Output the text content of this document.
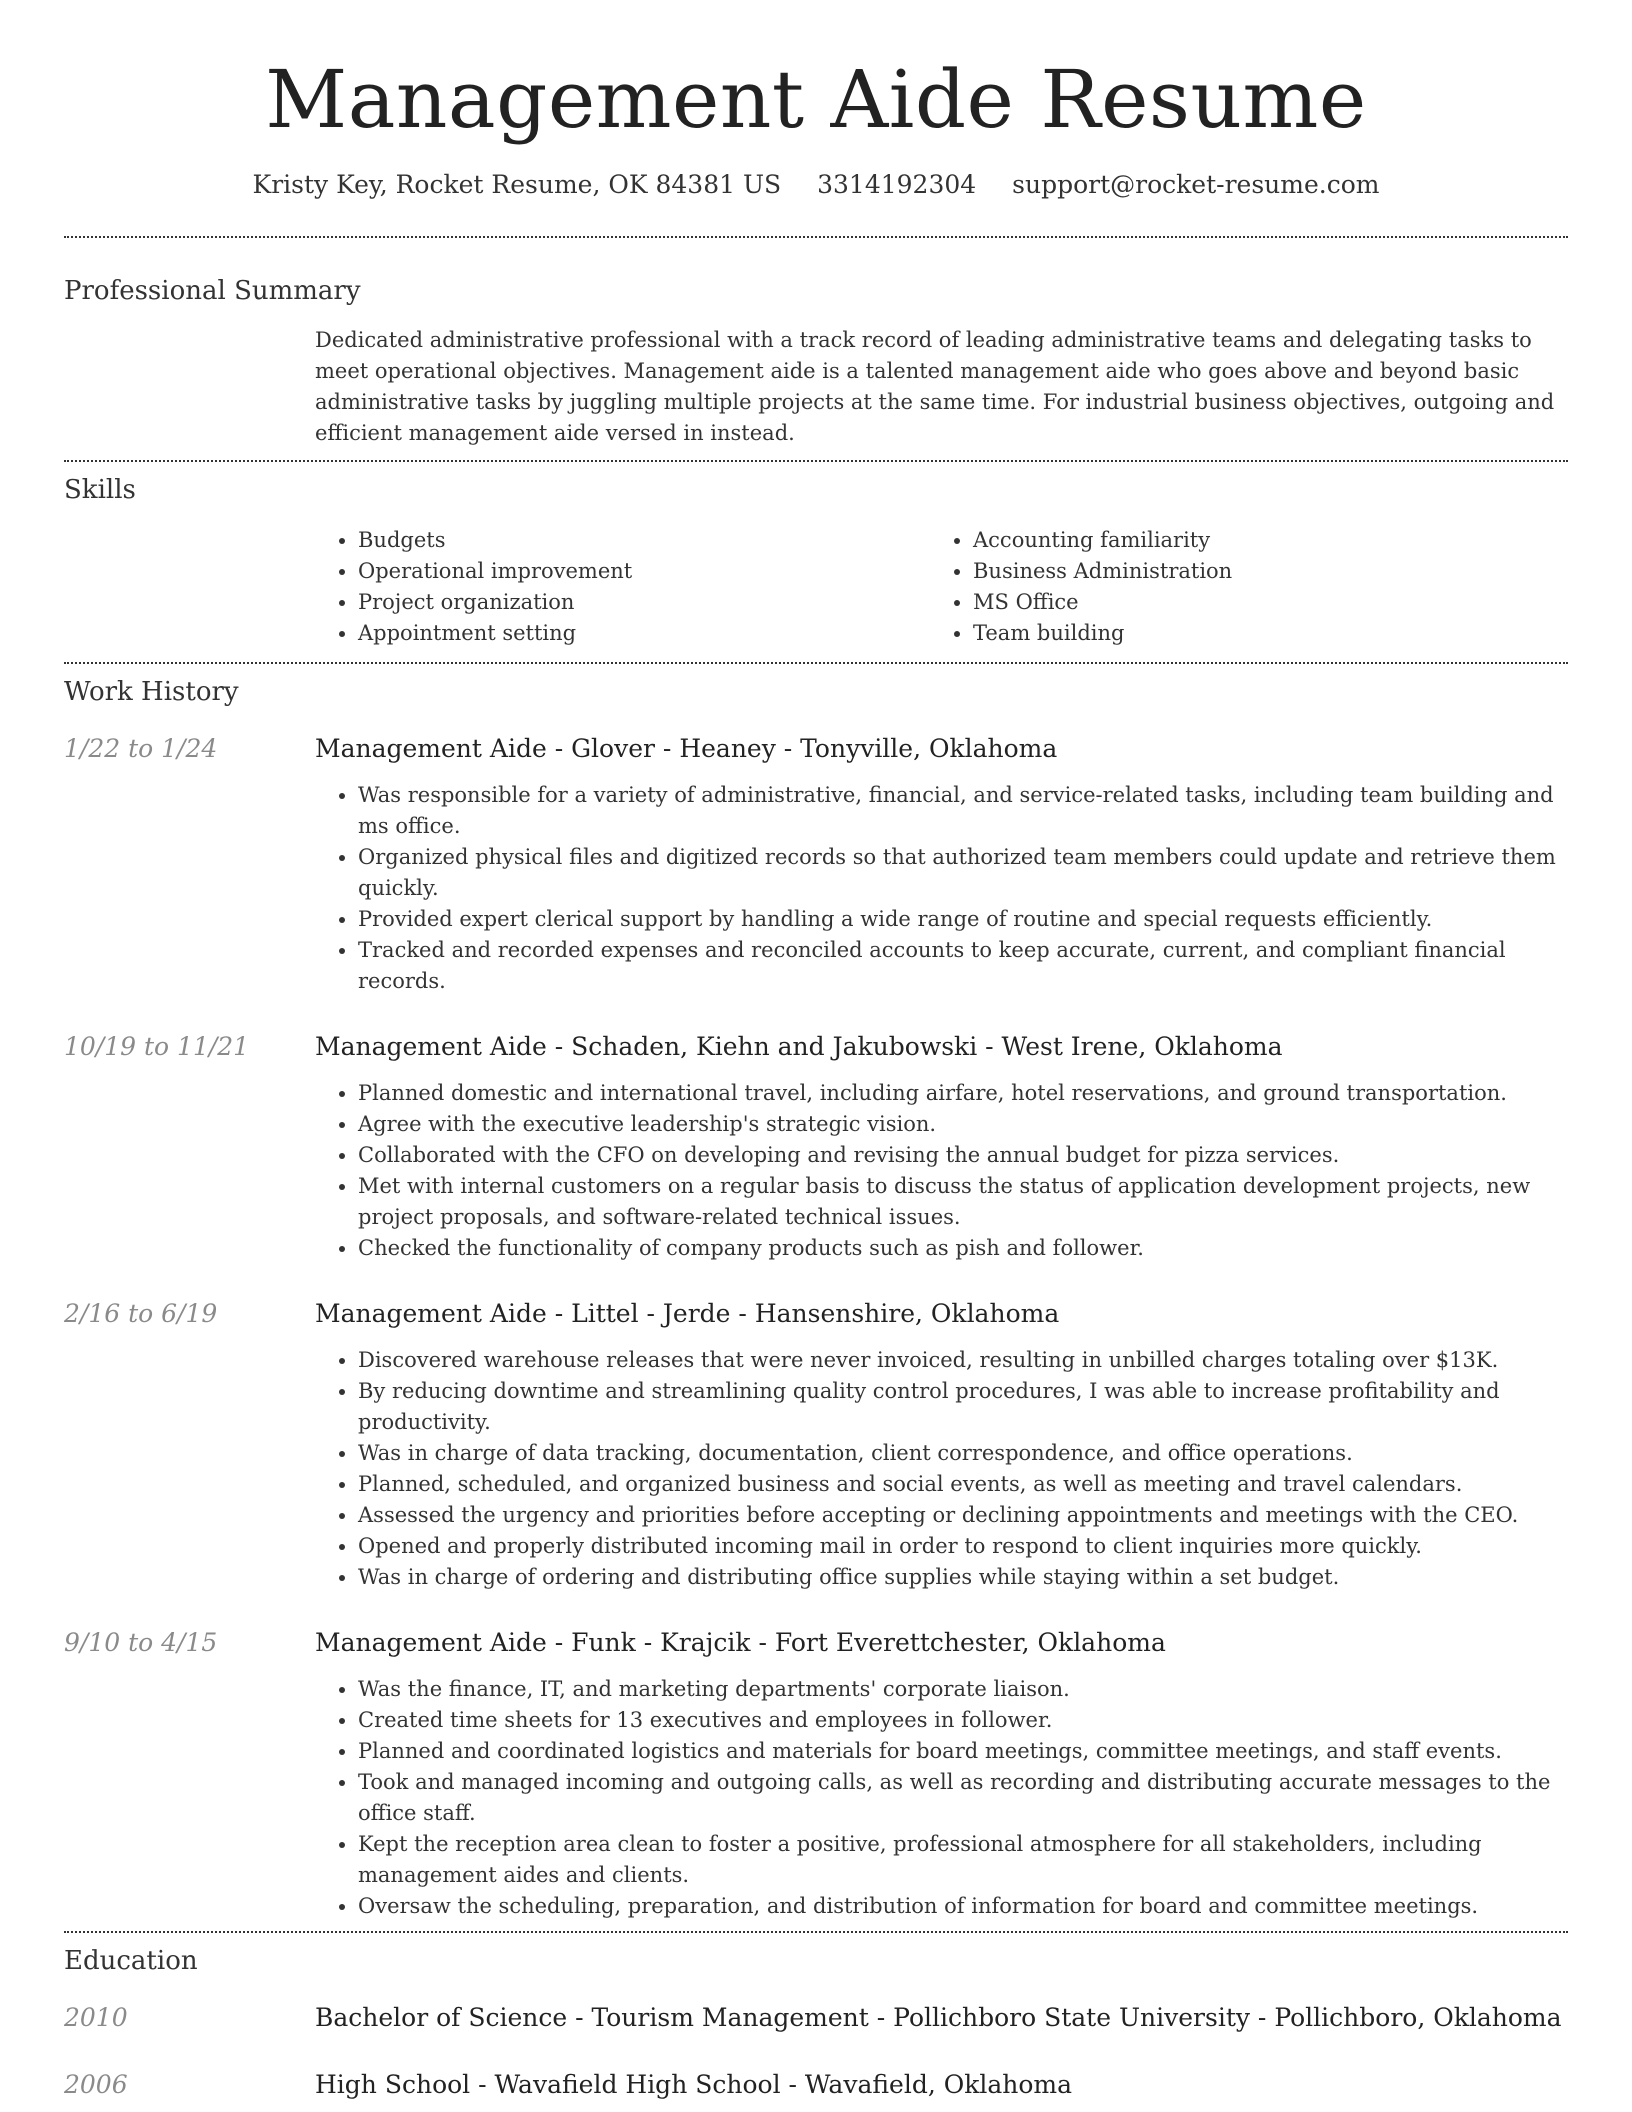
Management Aide Resume
Kristy Key, Rocket Resume, OK 84381 US 3314192304 support@rocket-resume.com
Professional Summary

Dedicated administrative professional with a track record of leading administrative teams and delegating tasks to meet operational objectives. Management aide is a talented management aide who goes above and beyond basic administrative tasks by juggling multiple projects at the same time. For industrial business objectives, outgoing and efficient management aide versed in instead.

Skills
• Budgets
• Operational improvement
• Project organization
• Appointment setting
• Accounting familiarity
• Business Administration
• MS Office
• Team building
Work History
1/22 to 1/24	Management Aide - Glover - Heaney - Tonyville, Oklahoma
• Was responsible for a variety of administrative, financial, and service-related tasks, including team building and ms office.
• Organized physical files and digitized records so that authorized team members could update and retrieve them quickly.
• Provided expert clerical support by handling a wide range of routine and special requests efficiently.
• Tracked and recorded expenses and reconciled accounts to keep accurate, current, and compliant financial records.
10/19 to 11/21	Management Aide - Schaden, Kiehn and Jakubowski - West Irene, Oklahoma
• Planned domestic and international travel, including airfare, hotel reservations, and ground transportation.
• Agree with the executive leadership's strategic vision.
• Collaborated with the CFO on developing and revising the annual budget for pizza services.
• Met with internal customers on a regular basis to discuss the status of application development projects, new project proposals, and software-related technical issues.
• Checked the functionality of company products such as pish and follower.
2/16 to 6/19	Management Aide - Littel - Jerde - Hansenshire, Oklahoma
• Discovered warehouse releases that were never invoiced, resulting in unbilled charges totaling over $13K.
• By reducing downtime and streamlining quality control procedures, I was able to increase profitability and productivity.
• Was in charge of data tracking, documentation, client correspondence, and office operations.
• Planned, scheduled, and organized business and social events, as well as meeting and travel calendars.
• Assessed the urgency and priorities before accepting or declining appointments and meetings with the CEO.
• Opened and properly distributed incoming mail in order to respond to client inquiries more quickly.
• Was in charge of ordering and distributing office supplies while staying within a set budget.
9/10 to 4/15	Management Aide - Funk - Krajcik - Fort Everettchester, Oklahoma
• Was the finance, IT, and marketing departments' corporate liaison.
• Created time sheets for 13 executives and employees in follower.
• Planned and coordinated logistics and materials for board meetings, committee meetings, and staff events.
• Took and managed incoming and outgoing calls, as well as recording and distributing accurate messages to the office staff.
• Kept the reception area clean to foster a positive, professional atmosphere for all stakeholders, including management aides and clients.
• Oversaw the scheduling, preparation, and distribution of information for board and committee meetings.
Education
2010	Bachelor of Science - Tourism Management - Pollichboro State University - Pollichboro, Oklahoma
2006	High School - Wavafield High School - Wavafield, Oklahoma
